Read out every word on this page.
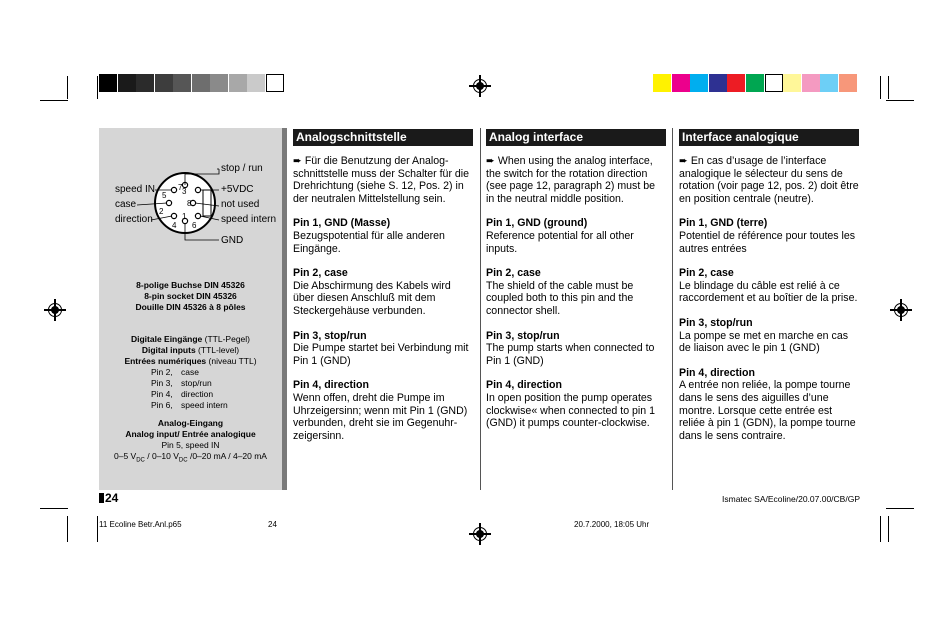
7 3
5
8
2
1
4 6
stop / run
speed IN	+5VDC
case	not used
direction	speed intern
GND
8-polige Buchse DIN 45326
8-pin socket DIN 45326
Douille DIN 45326 à 8 pôles
Digitale Eingänge (TTL-Pegel)
Digital inputs (TTL-level)
Entrées numériques (niveau TTL)
Pin 2, case
Pin 3, stop/run
Pin 4, direction
Pin 6, speed intern
Analog-Eingang
Analog input/ Entrée analogique
Pin 5, speed IN
0–5 $V_{DC} / 0-10$ $V_{DC}$ /0–20 mA / 4–20 mA
Analogschnittstelle

➨ Für die Benutzung der Analog-schnittstelle muss der Schalter für die Drehrichtung (siehe S. 12, Pos. 2) in der neutralen Mittelstellung sein.

Pin 1, GND (Masse)
Bezugspotential für alle anderen Eingänge.

Pin 2, case
Die Abschirmung des Kabels wird über diesen Anschluß mit dem Steckergehäuse verbunden.

Pin 3, stop/run
Die Pumpe startet bei Verbindung mit Pin 1 (GND)

Pin 4, direction
Wenn offen, dreht die Pumpe im Uhrzeigersinn; wenn mit Pin 1 (GND) verbunden, dreht sie im Gegenuhr-zeigersinn.

Analog interface

➨ When using the analog interface, the switch for the rotation direction (see page 12, paragraph 2) must be in the neutral middle position.

Pin 1, GND (ground)
Reference potential for all other inputs.

Pin 2, case
The shield of the cable must be coupled both to this pin and the connector shell.

Pin 3, stop/run
The pump starts when connected to Pin 1 (GND)

Pin 4, direction
In open position the pump operates clockwise« when connected to pin 1 (GND) it pumps counter-clockwise.

Interface analogique

➨ En cas d’usage de l’interface analogique le sélecteur du sens de rotation (voir page 12, pos. 2) doit être en position centrale (neutre).

Pin 1, GND (terre)
Potentiel de référence pour toutes les autres entrées

Pin 2, case
Le blindage du câble est relié à ce raccordement et au boîtier de la prise.

Pin 3, stop/run
La pompe se met en marche en cas de liaison avec le pin 1 (GND)

Pin 4, direction
A entrée non reliée, la pompe tourne dans le sens des aiguilles d’une montre. Lorsque cette entrée est reliée à pin 1 (GDN), la pompe tourne dans le sens contraire.

24	Ismatec SA/Ecoline/20.07.00/CB/GP
11 Ecoline Betr.Anl.p65	24	20.7.2000, 18:05 Uhr
